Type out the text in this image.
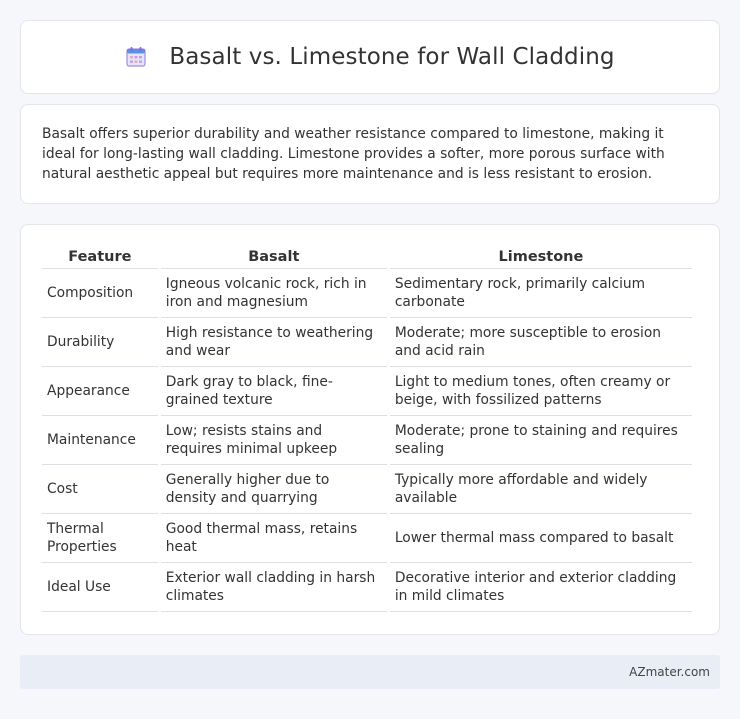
Basalt vs. Limestone for Wall Cladding

Basalt offers superior durability and weather resistance compared to limestone, making it ideal for long-lasting wall cladding. Limestone provides a softer, more porous surface with natural aesthetic appeal but requires more maintenance and is less resistant to erosion.

Feature	Basalt	Limestone
Composition	Igneous volcanic rock, rich in iron and magnesium	Sedimentary rock, primarily calcium carbonate
Durability	High resistance to weathering and wear	Moderate; more susceptible to erosion and acid rain
Appearance	Dark gray to black, fine-grained texture	Light to medium tones, often creamy or beige, with fossilized patterns
Maintenance	Low; resists stains and requires minimal upkeep	Moderate; prone to staining and requires sealing
Cost	Generally higher due to density and quarrying	Typically more affordable and widely available
Thermal Properties	Good thermal mass, retains heat	Lower thermal mass compared to basalt
Ideal Use	Exterior wall cladding in harsh climates	Decorative interior and exterior cladding in mild climates
AZmater.com
